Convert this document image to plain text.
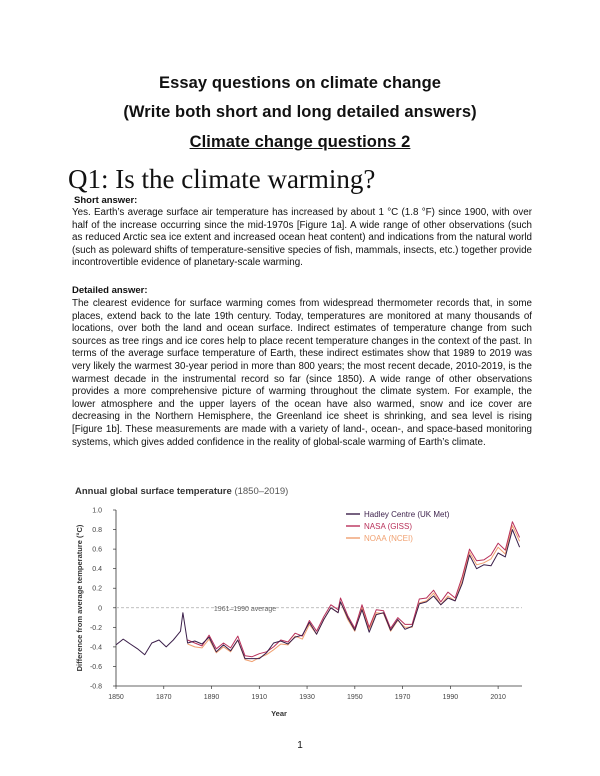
Essay questions on climate change
(Write both short and long detailed answers)
Climate change questions 2
Q1: Is the climate warming?
Short answer:
Yes. Earth’s average surface air temperature has increased by about 1 °C (1.8 °F) since 1900, with over half of the increase occurring since the mid-1970s [Figure 1a]. A wide range of other observations (such as reduced Arctic sea ice extent and increased ocean heat content) and indications from the natural world (such as poleward shifts of temperature-sensitive species of fish, mammals, insects, etc.) together provide incontrovertible evidence of planetary-scale warming.
Detailed answer:
The clearest evidence for surface warming comes from widespread thermometer records that, in some places, extend back to the late 19th century. Today, temperatures are monitored at many thousands of locations, over both the land and ocean surface. Indirect estimates of temperature change from such sources as tree rings and ice cores help to place recent temperature changes in the context of the past. In terms of the average surface temperature of Earth, these indirect estimates show that 1989 to 2019 was very likely the warmest 30-year period in more than 800 years; the most recent decade, 2010-2019, is the warmest decade in the instrumental record so far (since 1850). A wide range of other observations provides a more comprehensive picture of warming throughout the climate system. For example, the lower atmosphere and the upper layers of the ocean have also warmed, snow and ice cover are decreasing in the Northern Hemisphere, the Greenland ice sheet is shrinking, and sea level is rising [Figure 1b]. These measurements are made with a variety of land-, ocean-, and space-based monitoring systems, which gives added confidence in the reality of global-scale warming of Earth’s climate.
Annual global surface temperature (1850–2019)
1961–1990 average
-0.8
-0.6
-0.4
-0.2
0
0.2
0.4
0.6
0.8
1.0
1850	1870	1890	1910	1930	1950	1970	1990	2010
Year
Difference from average temperature (°C)
Hadley Centre (UK Met)
NASA (GISS)
NOAA (NCEI)
1
